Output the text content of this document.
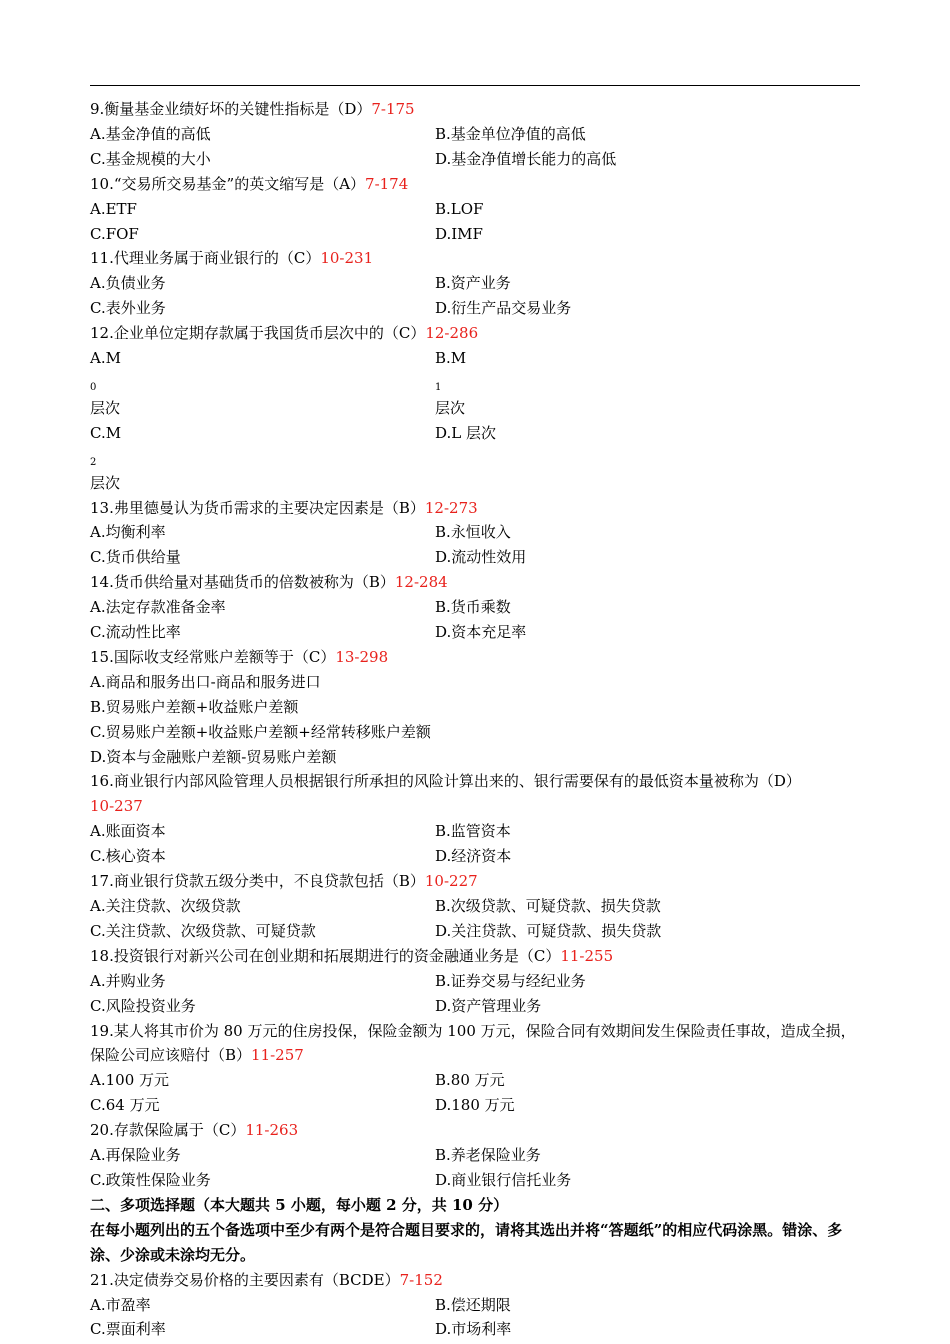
9.衡量基金业绩好坏的关键性指标是（D）7-175
A.基金净值的高低	B.基金单位净值的高低
C.基金规模的大小	D.基金净值增长能力的高低
10.“交易所交易基金”的英文缩写是（A）7-174
A.ETF	B.LOF
C.FOF	D.IMF
11.代理业务属于商业银行的（C）10-231
A.负债业务	B.资产业务
C.表外业务	D.衍生产品交易业务
12.企业单位定期存款属于我国货币层次中的（C）12-286
A.M
$_0$
层次
B.M
$_1$
层次
C.M
$_2$
层次
D.L 层次
13.弗里德曼认为货币需求的主要决定因素是（B）12-273
A.均衡利率	B.永恒收入
C.货币供给量	D.流动性效用
14.货币供给量对基础货币的倍数被称为（B）12-284
A.法定存款准备金率	B.货币乘数
C.流动性比率	D.资本充足率
15.国际收支经常账户差额等于（C）13-298
A.商品和服务出口-商品和服务进口
B.贸易账户差额+收益账户差额
C.贸易账户差额+收益账户差额+经常转移账户差额
D.资本与金融账户差额-贸易账户差额
16.商业银行内部风险管理人员根据银行所承担的风险计算出来的、银行需要保有的最低资本量被称为（D）
10-237
A.账面资本	B.监管资本
C.核心资本	D.经济资本
17.商业银行贷款五级分类中，不良贷款包括（B）10-227
A.关注贷款、次级贷款	B.次级贷款、可疑贷款、损失贷款
C.关注贷款、次级贷款、可疑贷款	D.关注贷款、可疑贷款、损失贷款
18.投资银行对新兴公司在创业期和拓展期进行的资金融通业务是（C）11-255
A.并购业务	B.证券交易与经纪业务
C.风险投资业务	D.资产管理业务
19.某人将其市价为 80 万元的住房投保，保险金额为 100 万元，保险合同有效期间发生保险责任事故，造成全损，保险公司应该赔付（B）11-257
A.100 万元	B.80 万元
C.64 万元	D.180 万元
20.存款保险属于（C）11-263
A.再保险业务	B.养老保险业务
C.政策性保险业务	D.商业银行信托业务
二、多项选择题（本大题共 5 小题，每小题 2 分，共 10 分）
在每小题列出的五个备选项中至少有两个是符合题目要求的，请将其选出并将“答题纸”的相应代码涂黑。错涂、多涂、少涂或未涂均无分。
21.决定债券交易价格的主要因素有（BCDE）7-152
A.市盈率	B.偿还期限
C.票面利率	D.市场利率
